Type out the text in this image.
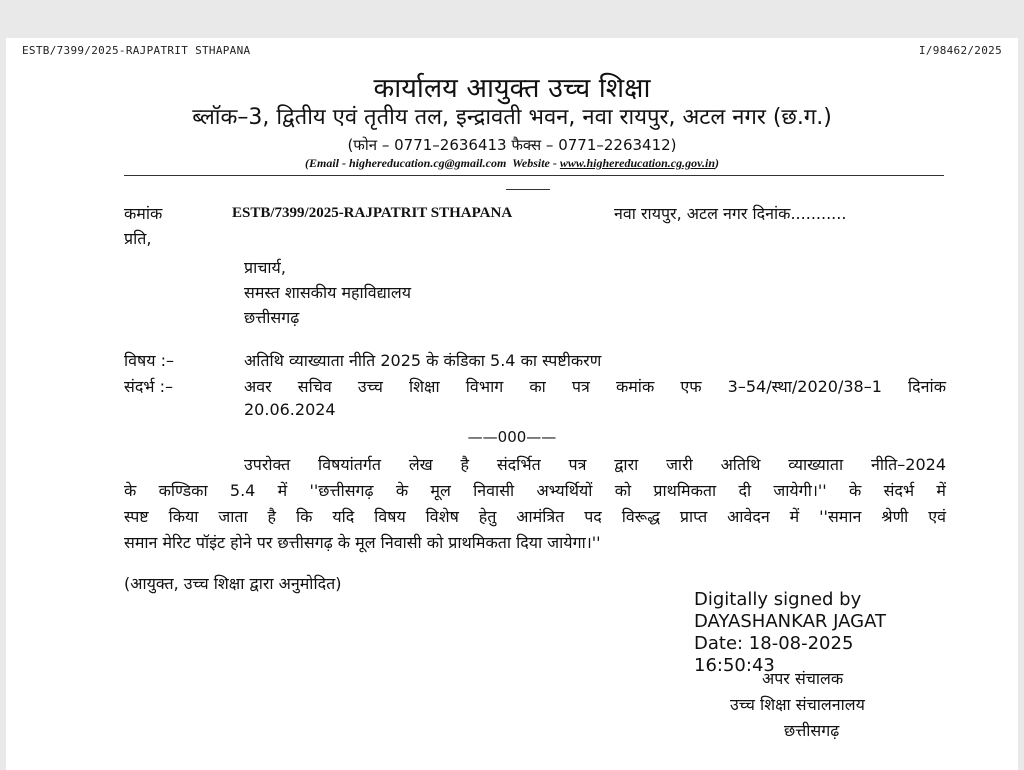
ESTB/7399/2025-RAJPATRIT STHAPANA	I/98462/2025
कार्यालय आयुक्त उच्च शिक्षा
ब्लॉक–3, द्वितीय एवं तृतीय तल, इन्द्रावती भवन, नवा रायपुर, अटल नगर (छ.ग.)
(फोन – 0771–2636413 फैक्स – 0771–2263412)
(Email - highereducation.cg@gmail.com Website - www.highereducation.cg.gov.in)
कमांक	ESTB/7399/2025-RAJPATRIT STHAPANA	नवा रायपुर, अटल नगर दिनांक...........
प्रति,
प्राचार्य,
समस्त शासकीय महाविद्यालय
छत्तीसगढ़
विषय :–	अतिथि व्याख्याता नीति 2025 के कंडिका 5.4 का स्पष्टीकरण
संदर्भ :–	अवर सचिव उच्च शिक्षा विभाग का पत्र कमांक एफ 3–54/स्था/2020/38–1 दिनांक
20.06.2024
——000——
उपरोक्त विषयांतर्गत लेख है संदर्भित पत्र द्वारा जारी अतिथि व्याख्याता नीति–2024
के कण्डिका 5.4 में ''छत्तीसगढ़ के मूल निवासी अभ्यर्थियों को प्राथमिकता दी जायेगी।'' के संदर्भ में
स्पष्ट किया जाता है कि यदि विषय विशेष हेतु आमंत्रित पद विरूद्ध प्राप्त आवेदन में ''समान श्रेणी एवं
समान मेरिट पॉइंट होने पर छत्तीसगढ़ के मूल निवासी को प्राथमिकता दिया जायेगा।''
(आयुक्त, उच्च शिक्षा द्वारा अनुमोदित)
Digitally signed by
DAYASHANKAR JAGAT
Date: 18-08-2025
16:50:43
अपर संचालक
उच्च शिक्षा संचालनालय
छत्तीसगढ़
